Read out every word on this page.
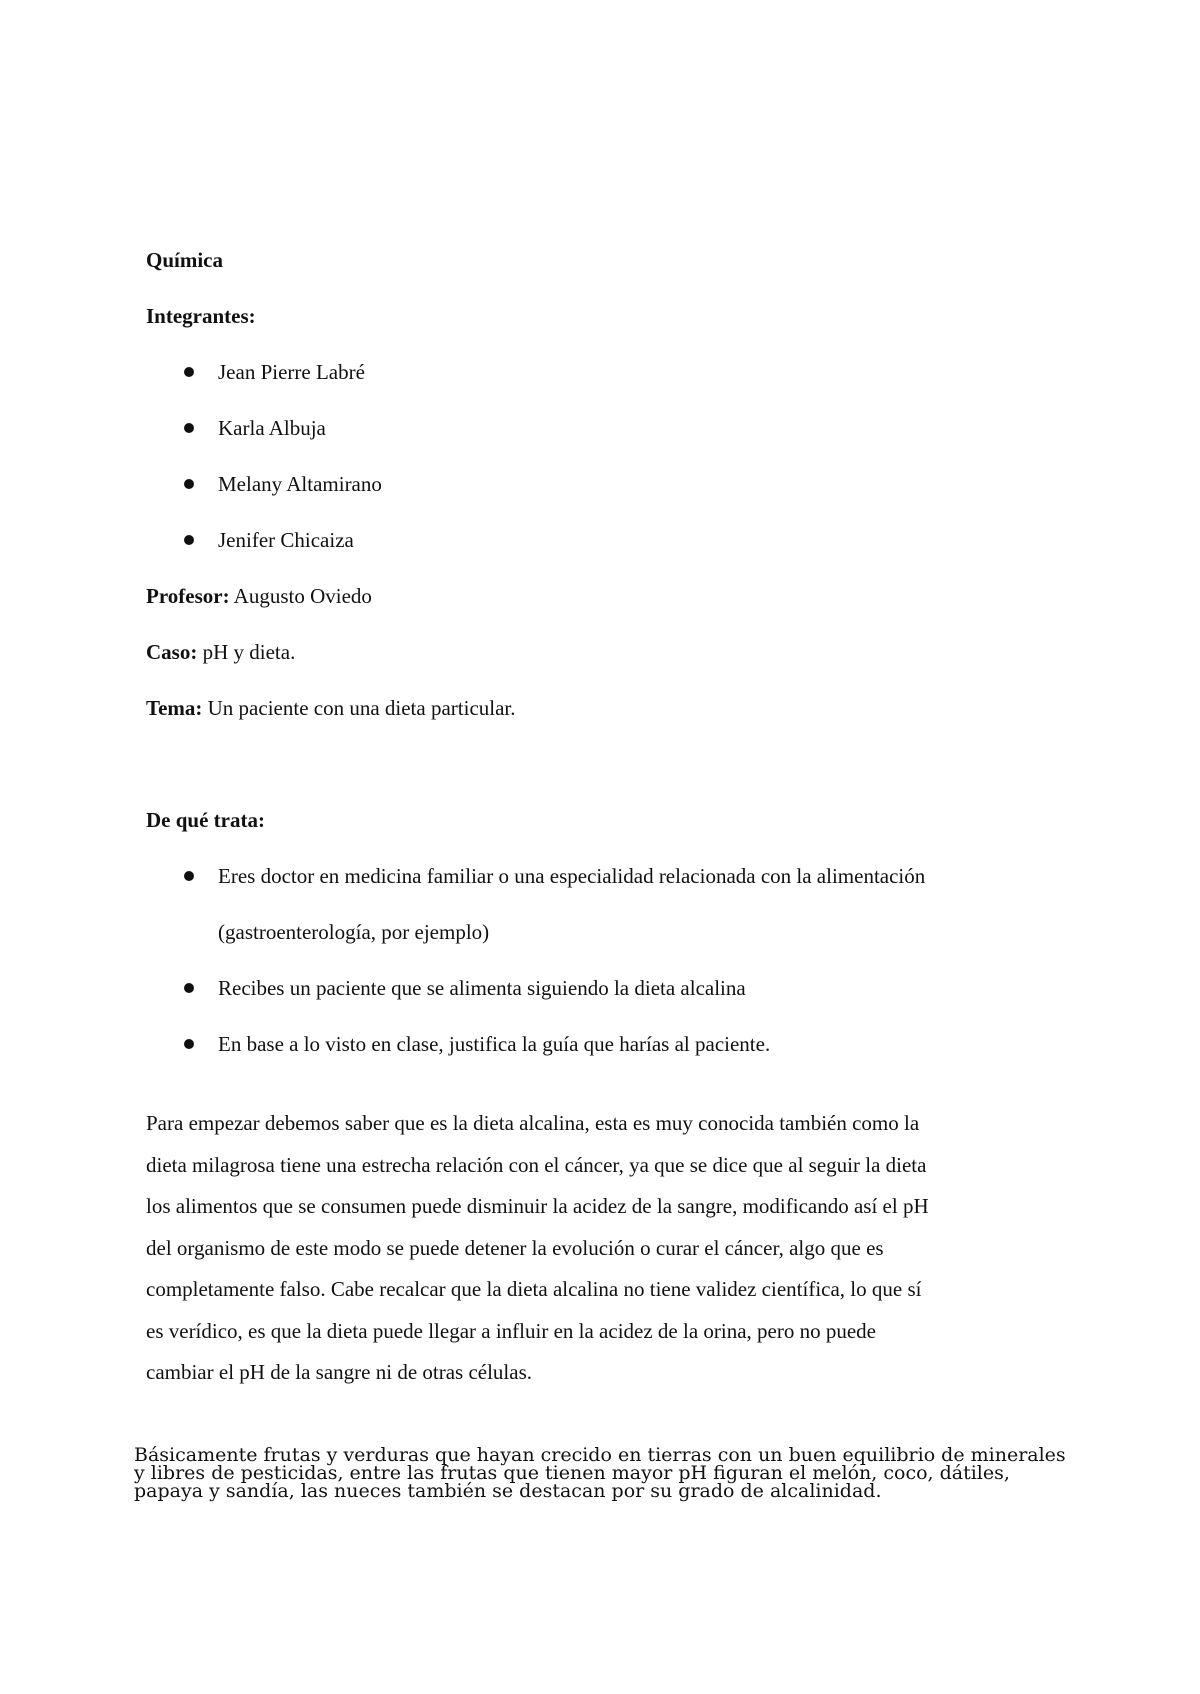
Química
Integrantes:
Jean Pierre Labré
Karla Albuja
Melany Altamirano
Jenifer Chicaiza
Profesor: Augusto Oviedo
Caso: pH y dieta.
Tema: Un paciente con una dieta particular.
De qué trata:
Eres doctor en medicina familiar o una especialidad relacionada con la alimentación
(gastroenterología, por ejemplo)
Recibes un paciente que se alimenta siguiendo la dieta alcalina
En base a lo visto en clase, justifica la guía que harías al paciente.
Para empezar debemos saber que es la dieta alcalina, esta es muy conocida también como la
dieta milagrosa tiene una estrecha relación con el cáncer, ya que se dice que al seguir la dieta
los alimentos que se consumen puede disminuir la acidez de la sangre, modificando así el pH
del organismo de este modo se puede detener la evolución o curar el cáncer, algo que es
completamente falso. Cabe recalcar que la dieta alcalina no tiene validez científica, lo que sí
es verídico, es que la dieta puede llegar a influir en la acidez de la orina, pero no puede
cambiar el pH de la sangre ni de otras células.
Básicamente frutas y verduras que hayan crecido en tierras con un buen equilibrio de minerales
y libres de pesticidas, entre las frutas que tienen mayor pH figuran el melón, coco, dátiles,
papaya y sandía, las nueces también se destacan por su grado de alcalinidad.
